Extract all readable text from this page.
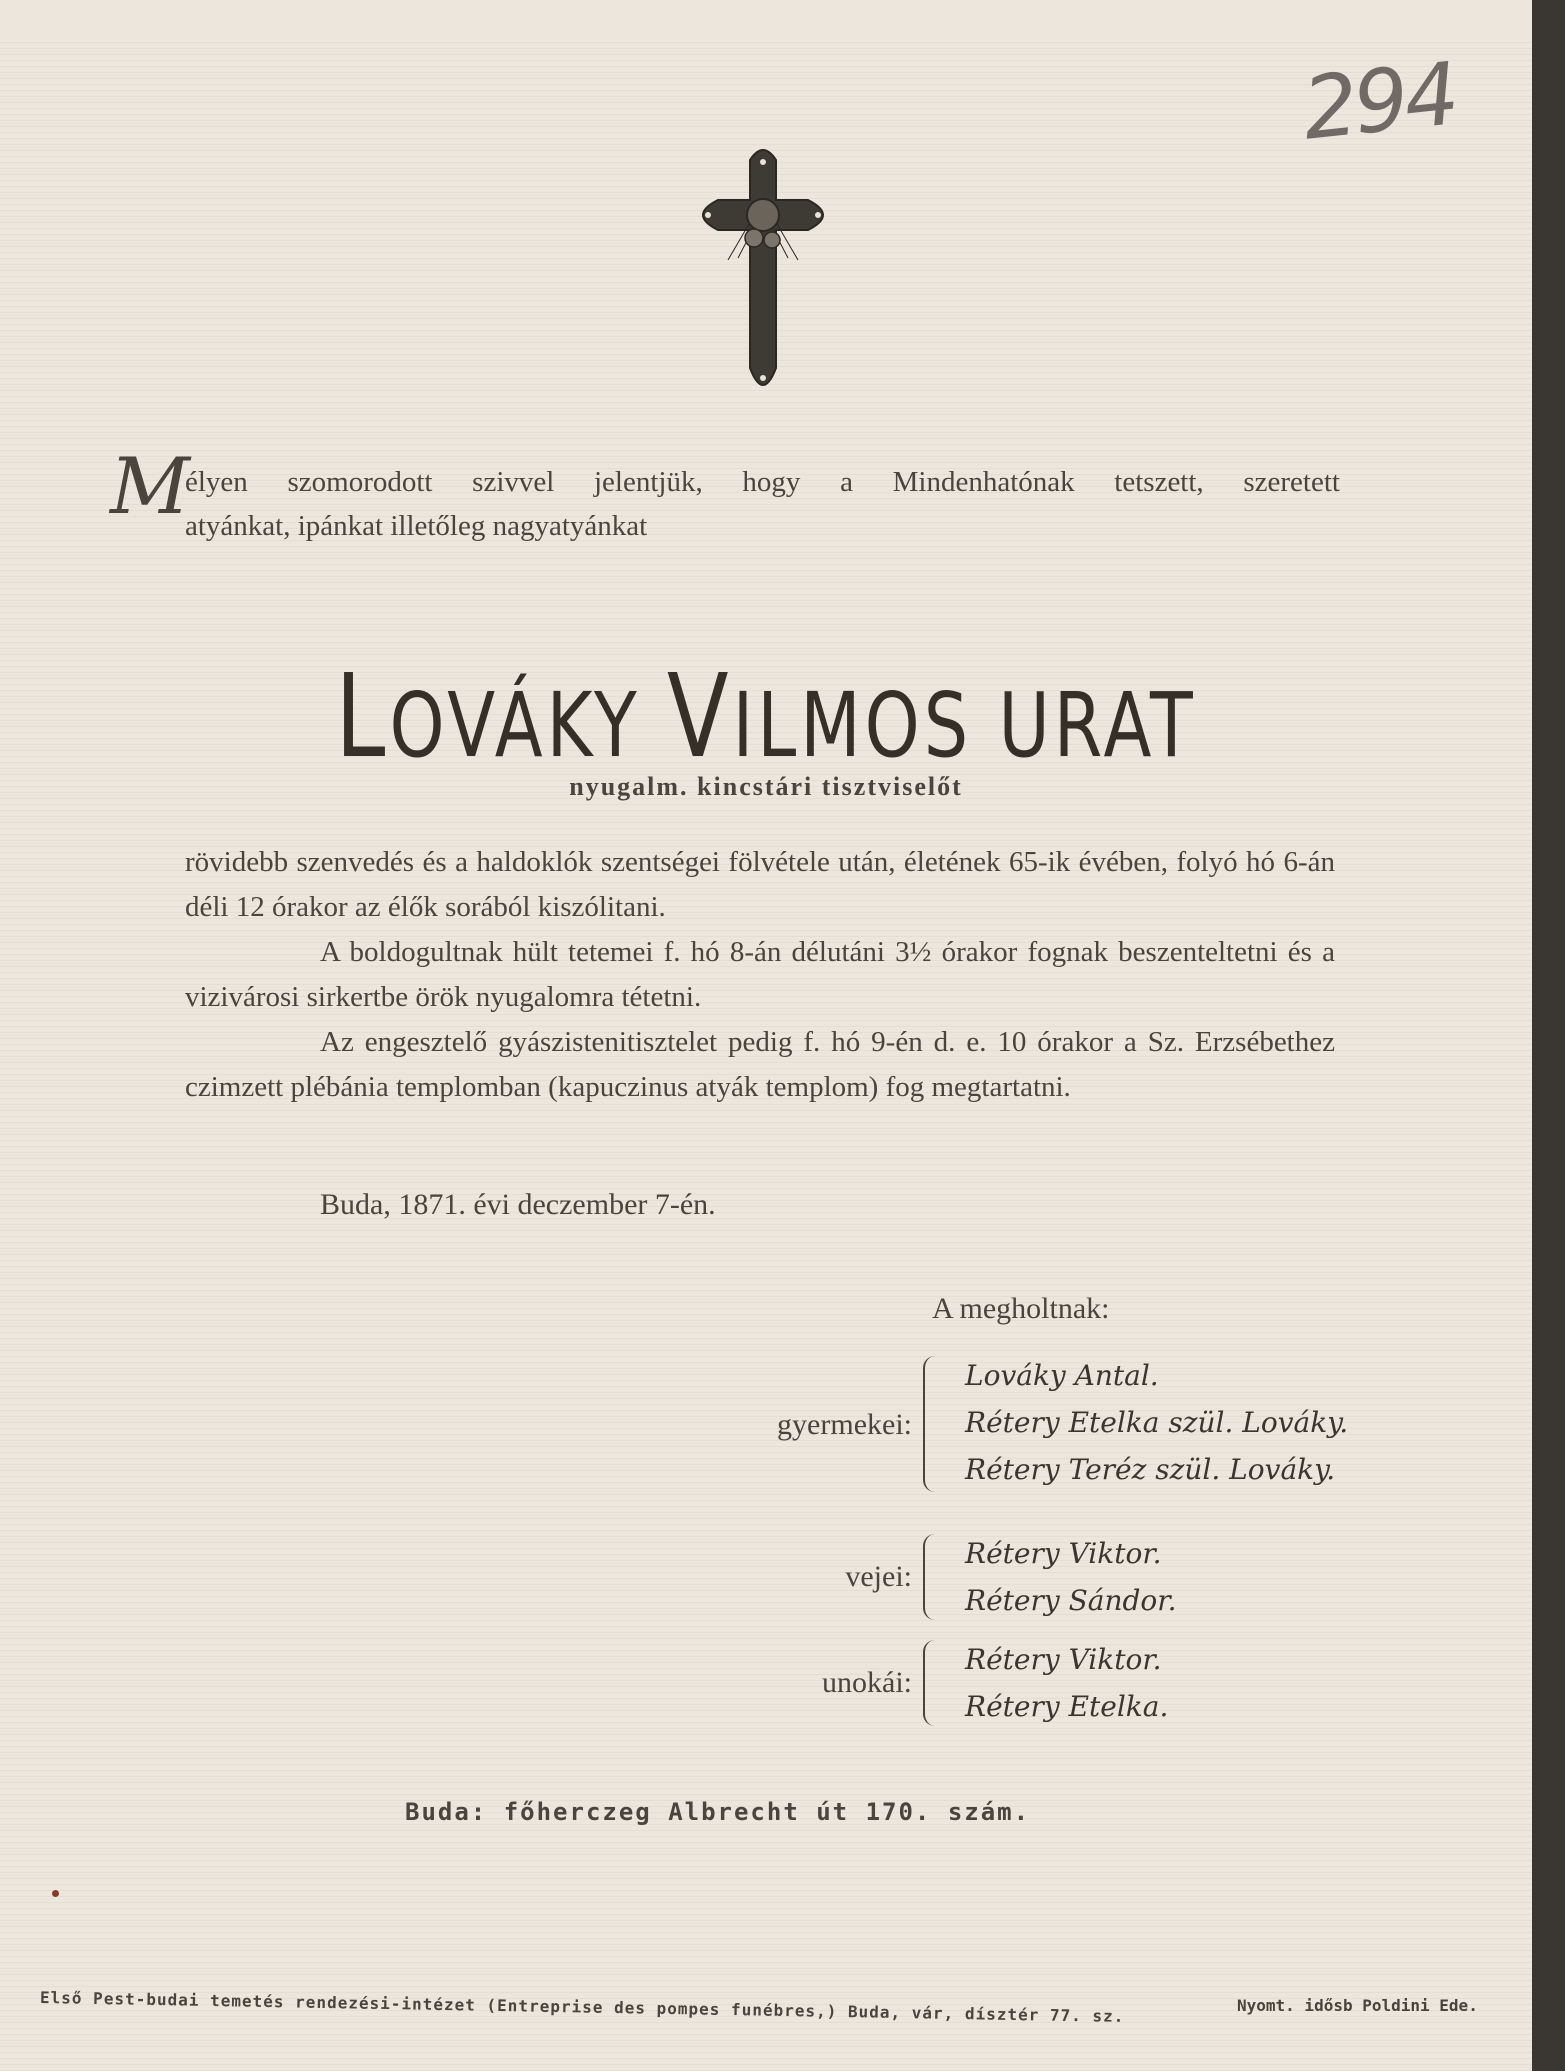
294
M
élyen szomorodott szivvel jelentjük, hogy a Mindenhatónak tetszett, szeretett
atyánkat, ipánkat illetőleg nagyatyánkat
LOVÁKY VILMOS URAT
nyugalm. kincstári tisztviselőt

rövidebb szenvedés és a haldoklók szentségei fölvétele után, életének 65-ik évében, folyó hó 6-án déli 12 órakor az élők sorából kiszólitani.

A boldogultnak hült tetemei f. hó 8-án délutáni 3½ órakor fognak beszenteltetni és a vizivárosi sirkertbe örök nyugalomra tétetni.

Az engesztelő gyászistenitisztelet pedig f. hó 9-én d. e. 10 órakor a Sz. Erzsébethez czimzett plébánia templomban (kapuczinus atyák templom) fog megtartatni.

Buda, 1871. évi deczember 7-én.
A megholtnak:
gyermekei:
Lováky Antal.
Rétery Etelka szül. Lováky.
Rétery Teréz szül. Lováky.
vejei:
Rétery Viktor.
Rétery Sándor.
unokái:
Rétery Viktor.
Rétery Etelka.
Buda: főherczeg Albrecht út 170. szám.
Első Pest-budai temetés rendezési-intézet (Entreprise des pompes funébres,) Buda, vár, dísztér 77. sz.	Nyomt. idősb Poldini Ede.
